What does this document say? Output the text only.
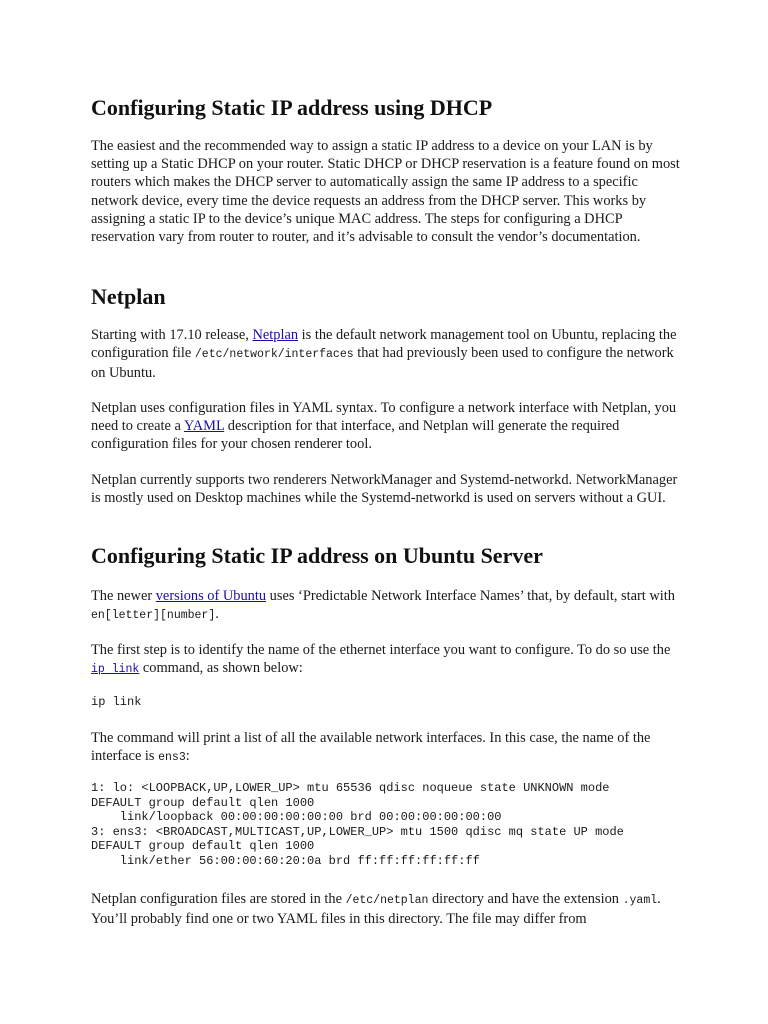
Configuring Static IP address using DHCP

The easiest and the recommended way to assign a static IP address to a device on your LAN is by setting up a Static DHCP on your router. Static DHCP or DHCP reservation is a feature found on most routers which makes the DHCP server to automatically assign the same IP address to a specific network device, every time the device requests an address from the DHCP server. This works by assigning a static IP to the device’s unique MAC address. The steps for configuring a DHCP reservation vary from router to router, and it’s advisable to consult the vendor’s documentation.

Netplan

Starting with 17.10 release, Netplan is the default network management tool on Ubuntu, replacing the configuration file /etc/network/interfaces that had previously been used to configure the network on Ubuntu.

Netplan uses configuration files in YAML syntax. To configure a network interface with Netplan, you need to create a YAML description for that interface, and Netplan will generate the required configuration files for your chosen renderer tool.

Netplan currently supports two renderers NetworkManager and Systemd-networkd. NetworkManager is mostly used on Desktop machines while the Systemd-networkd is used on servers without a GUI.

Configuring Static IP address on Ubuntu Server

The newer versions of Ubuntu uses ‘Predictable Network Interface Names’ that, by default, start with en[letter][number].

The first step is to identify the name of the ethernet interface you want to configure. To do so use the ip link command, as shown below:

ip link

The command will print a list of all the available network interfaces. In this case, the name of the interface is ens3:

1: lo: <LOOPBACK,UP,LOWER_UP> mtu 65536 qdisc noqueue state UNKNOWN mode
DEFAULT group default qlen 1000
link/loopback 00:00:00:00:00:00 brd 00:00:00:00:00:00
3: ens3: <BROADCAST,MULTICAST,UP,LOWER_UP> mtu 1500 qdisc mq state UP mode
DEFAULT group default qlen 1000
link/ether 56:00:00:60:20:0a brd ff:ff:ff:ff:ff:ff

Netplan configuration files are stored in the /etc/netplan directory and have the extension .yaml. You’ll probably find one or two YAML files in this directory. The file may differ from
